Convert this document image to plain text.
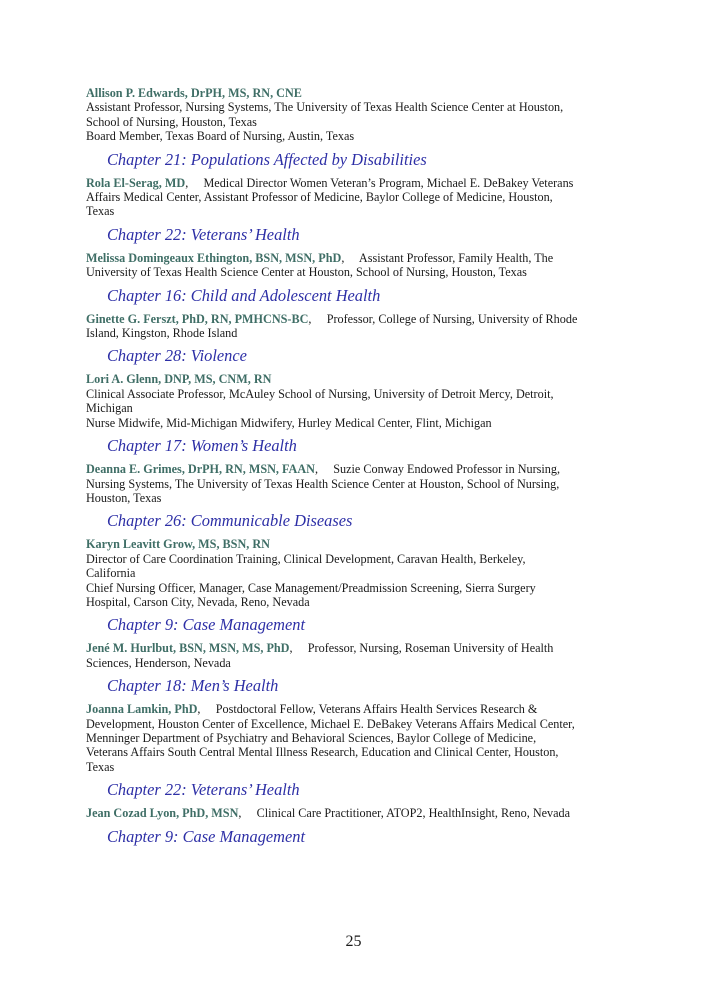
Allison P. Edwards, DrPH, MS, RN, CNE

Assistant Professor, Nursing Systems, The University of Texas Health Science Center at Houston,

School of Nursing, Houston, Texas

Board Member, Texas Board of Nursing, Austin, Texas

Chapter 21: Populations Affected by Disabilities

Rola El-Serag, MD,     Medical Director Women Veteran’s Program, Michael E. DeBakey Veterans

Affairs Medical Center, Assistant Professor of Medicine, Baylor College of Medicine, Houston,

Texas

Chapter 22: Veterans’ Health

Melissa Domingeaux Ethington, BSN, MSN, PhD,     Assistant Professor, Family Health, The

University of Texas Health Science Center at Houston, School of Nursing, Houston, Texas

Chapter 16: Child and Adolescent Health

Ginette G. Ferszt, PhD, RN, PMHCNS-BC,     Professor, College of Nursing, University of Rhode

Island, Kingston, Rhode Island

Chapter 28: Violence

Lori A. Glenn, DNP, MS, CNM, RN

Clinical Associate Professor, McAuley School of Nursing, University of Detroit Mercy, Detroit,

Michigan

Nurse Midwife, Mid-Michigan Midwifery, Hurley Medical Center, Flint, Michigan

Chapter 17: Women’s Health

Deanna E. Grimes, DrPH, RN, MSN, FAAN,     Suzie Conway Endowed Professor in Nursing,

Nursing Systems, The University of Texas Health Science Center at Houston, School of Nursing,

Houston, Texas

Chapter 26: Communicable Diseases

Karyn Leavitt Grow, MS, BSN, RN

Director of Care Coordination Training, Clinical Development, Caravan Health, Berkeley,

California

Chief Nursing Officer, Manager, Case Management/Preadmission Screening, Sierra Surgery

Hospital, Carson City, Nevada, Reno, Nevada

Chapter 9: Case Management

Jené M. Hurlbut, BSN, MSN, MS, PhD,     Professor, Nursing, Roseman University of Health

Sciences, Henderson, Nevada

Chapter 18: Men’s Health

Joanna Lamkin, PhD,     Postdoctoral Fellow, Veterans Affairs Health Services Research &

Development, Houston Center of Excellence, Michael E. DeBakey Veterans Affairs Medical Center,

Menninger Department of Psychiatry and Behavioral Sciences, Baylor College of Medicine,

Veterans Affairs South Central Mental Illness Research, Education and Clinical Center, Houston,

Texas

Chapter 22: Veterans’ Health

Jean Cozad Lyon, PhD, MSN,     Clinical Care Practitioner, ATOP2, HealthInsight, Reno, Nevada

Chapter 9: Case Management

25
